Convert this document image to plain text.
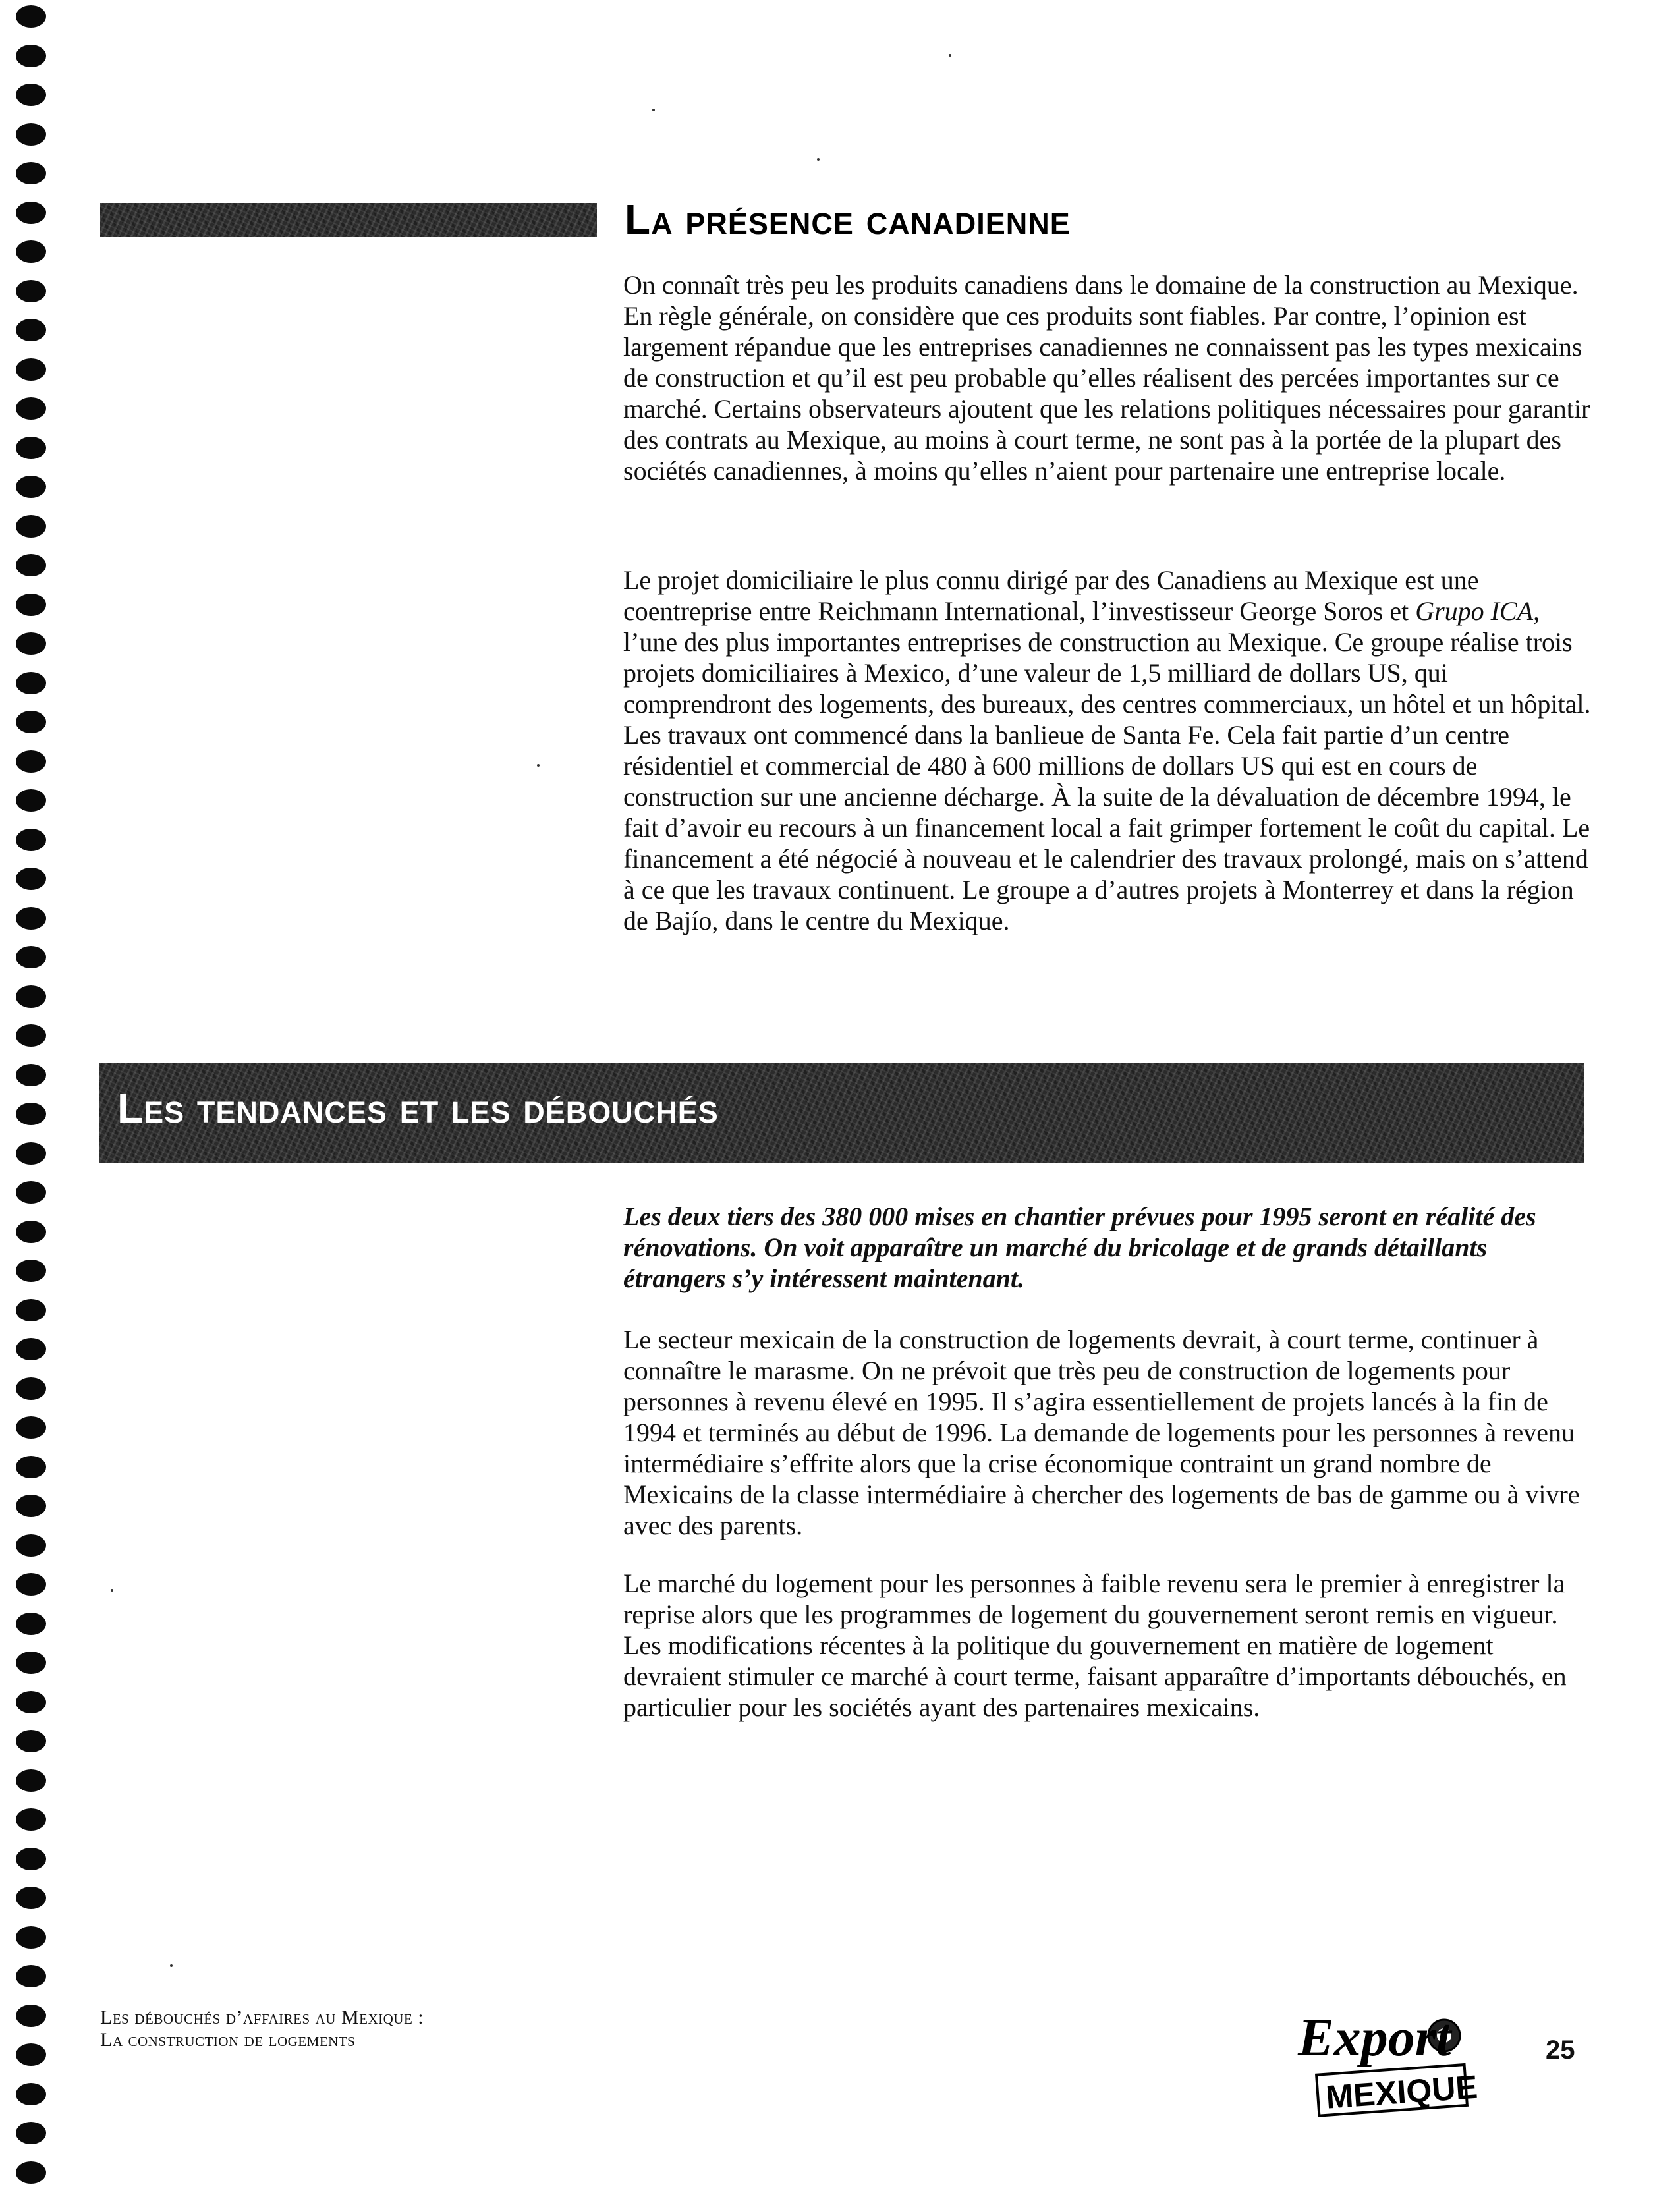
La présence canadienne

On connaît très peu les produits canadiens dans le domaine de la construction au Mexique. En règle générale, on considère que ces produits sont fiables. Par contre, l’opinion est largement répandue que les entreprises canadiennes ne connaissent pas les types mexicains de construction et qu’il est peu probable qu’elles réalisent des percées importantes sur ce marché. Certains observateurs ajoutent que les relations politiques nécessaires pour garantir des contrats au Mexique, au moins à court terme, ne sont pas à la portée de la plupart des sociétés canadiennes, à moins qu’elles n’aient pour partenaire une entreprise locale.

Le projet domiciliaire le plus connu dirigé par des Canadiens au Mexique est une coentreprise entre Reichmann International, l’investisseur George Soros et Grupo ICA, l’une des plus importantes entreprises de construction au Mexique. Ce groupe réalise trois projets domiciliaires à Mexico, d’une valeur de 1,5 milliard de dollars US, qui comprendront des logements, des bureaux, des centres commerciaux, un hôtel et un hôpital. Les travaux ont commencé dans la banlieue de Santa Fe. Cela fait partie d’un centre résidentiel et commercial de 480 à 600 millions de dollars US qui est en cours de construction sur une ancienne décharge. À la suite de la dévaluation de décembre 1994, le fait d’avoir eu recours à un financement local a fait grimper fortement le coût du capital. Le financement a été négocié à nouveau et le calendrier des travaux prolongé, mais on s’attend à ce que les travaux continuent. Le groupe a d’autres projets à Monterrey et dans la région de Bajío, dans le centre du Mexique.

Les tendances et les débouchés

Les deux tiers des 380 000 mises en chantier prévues pour 1995 seront en réalité des rénovations. On voit apparaître un marché du bricolage et de grands détaillants étrangers s’y intéressent maintenant.

Le secteur mexicain de la construction de logements devrait, à court terme, continuer à connaître le marasme. On ne prévoit que très peu de construction de logements pour personnes à revenu élevé en 1995. Il s’agira essentiellement de projets lancés à la fin de 1994 et terminés au début de 1996. La demande de logements pour les personnes à revenu intermédiaire s’effrite alors que la crise économique contraint un grand nombre de Mexicains de la classe intermédiaire à chercher des logements de bas de gamme ou à vivre avec des parents.

Le marché du logement pour les personnes à faible revenu sera le premier à enregistrer la reprise alors que les programmes de logement du gouvernement seront remis en vigueur. Les modifications récentes à la politique du gouvernement en matière de logement devraient stimuler ce marché à court terme, faisant apparaître d’importants débouchés, en particulier pour les sociétés ayant des partenaires mexicains.

Les débouchés d’affaires au Mexique :
La construction de logements	Export
MEXIQUE
25
